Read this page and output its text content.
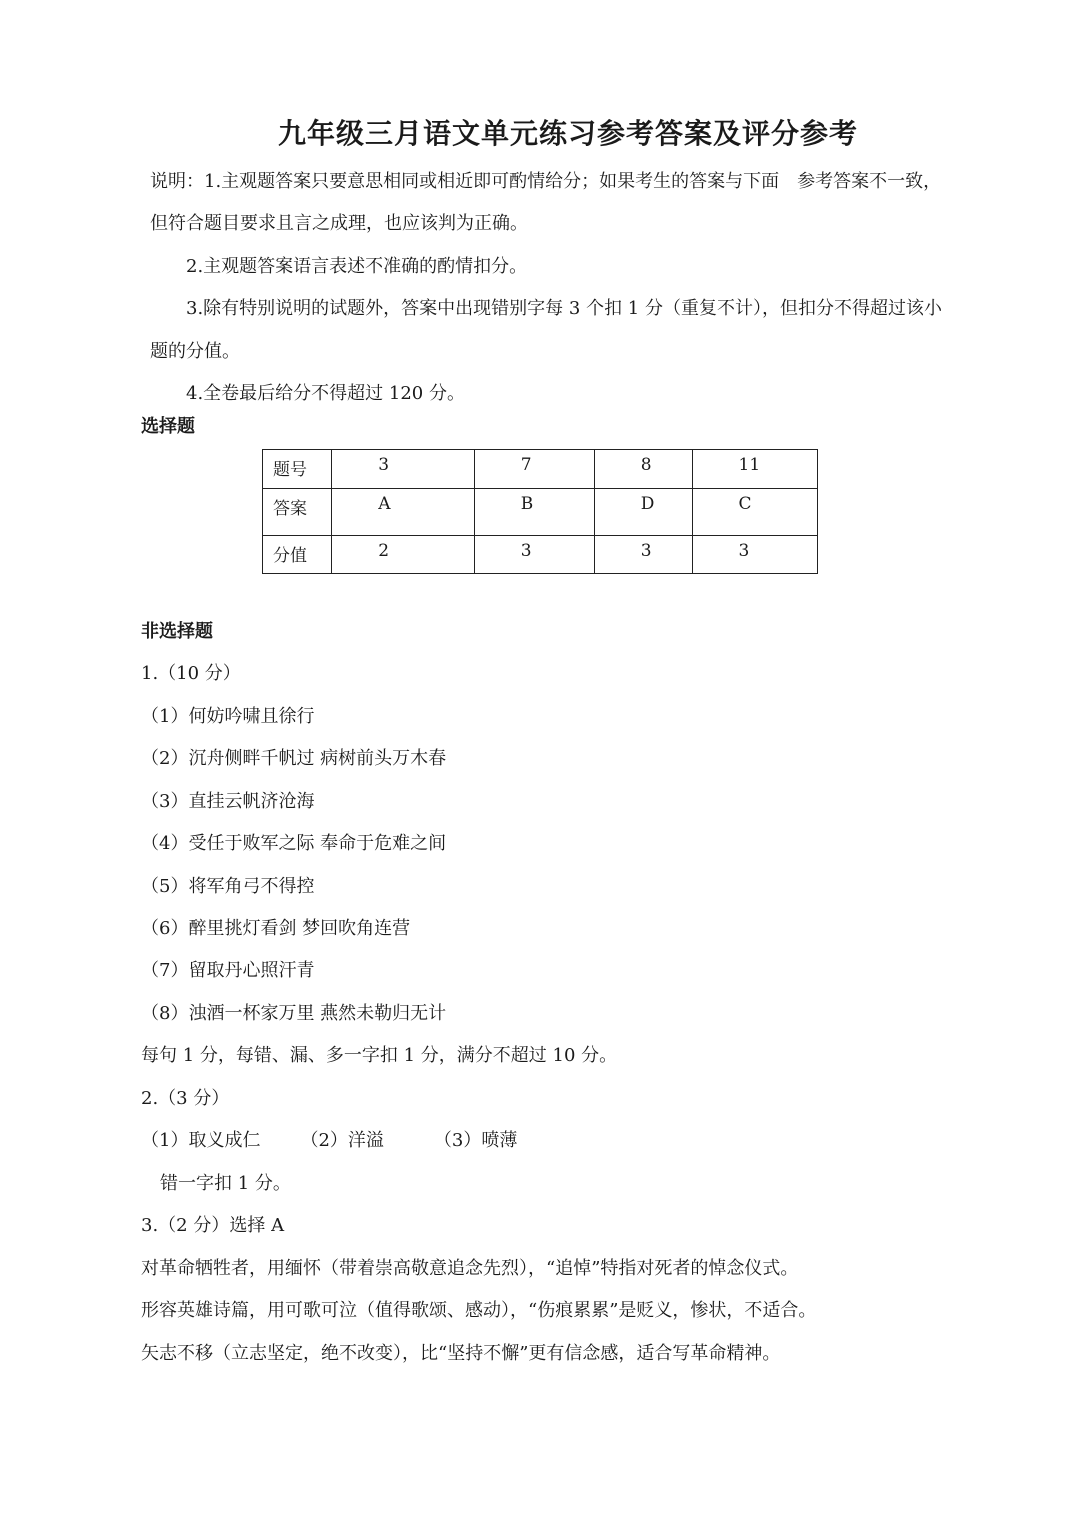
九年级三月语文单元练习参考答案及评分参考

说明：1.主观题答案只要意思相同或相近即可酌情给分；如果考生的答案与下面　参考答案不一致，

但符合题目要求且言之成理，也应该判为正确。

2.主观题答案语言表述不准确的酌情扣分。

3.除有特别说明的试题外，答案中出现错别字每 3 个扣 1 分（重复不计），但扣分不得超过该小

题的分值。

4.全卷最后给分不得超过 120 分。

选择题
题号	3	7	8	11
答案	A	B	D	C
分值	2	3	3	3
非选择题

1.（10 分）

（1）何妨吟啸且徐行

（2）沉舟侧畔千帆过 病树前头万木春

（3）直挂云帆济沧海

（4）受任于败军之际 奉命于危难之间

（5）将军角弓不得控

（6）醉里挑灯看剑 梦回吹角连营

（7）留取丹心照汗青

（8）浊酒一杯家万里 燕然未勒归无计

每句 1 分，每错、漏、多一字扣 1 分，满分不超过 10 分。

2.（3 分）

（1）取义成仁 （2）洋溢	（3）喷薄

错一字扣 1 分。

3.（2 分）选择 A

对革命牺牲者，用缅怀（带着崇高敬意追念先烈），“追悼”特指对死者的悼念仪式。

形容英雄诗篇，用可歌可泣（值得歌颂、感动），“伤痕累累”是贬义，惨状，不适合。

矢志不移（立志坚定，绝不改变），比“坚持不懈”更有信念感，适合写革命精神。
